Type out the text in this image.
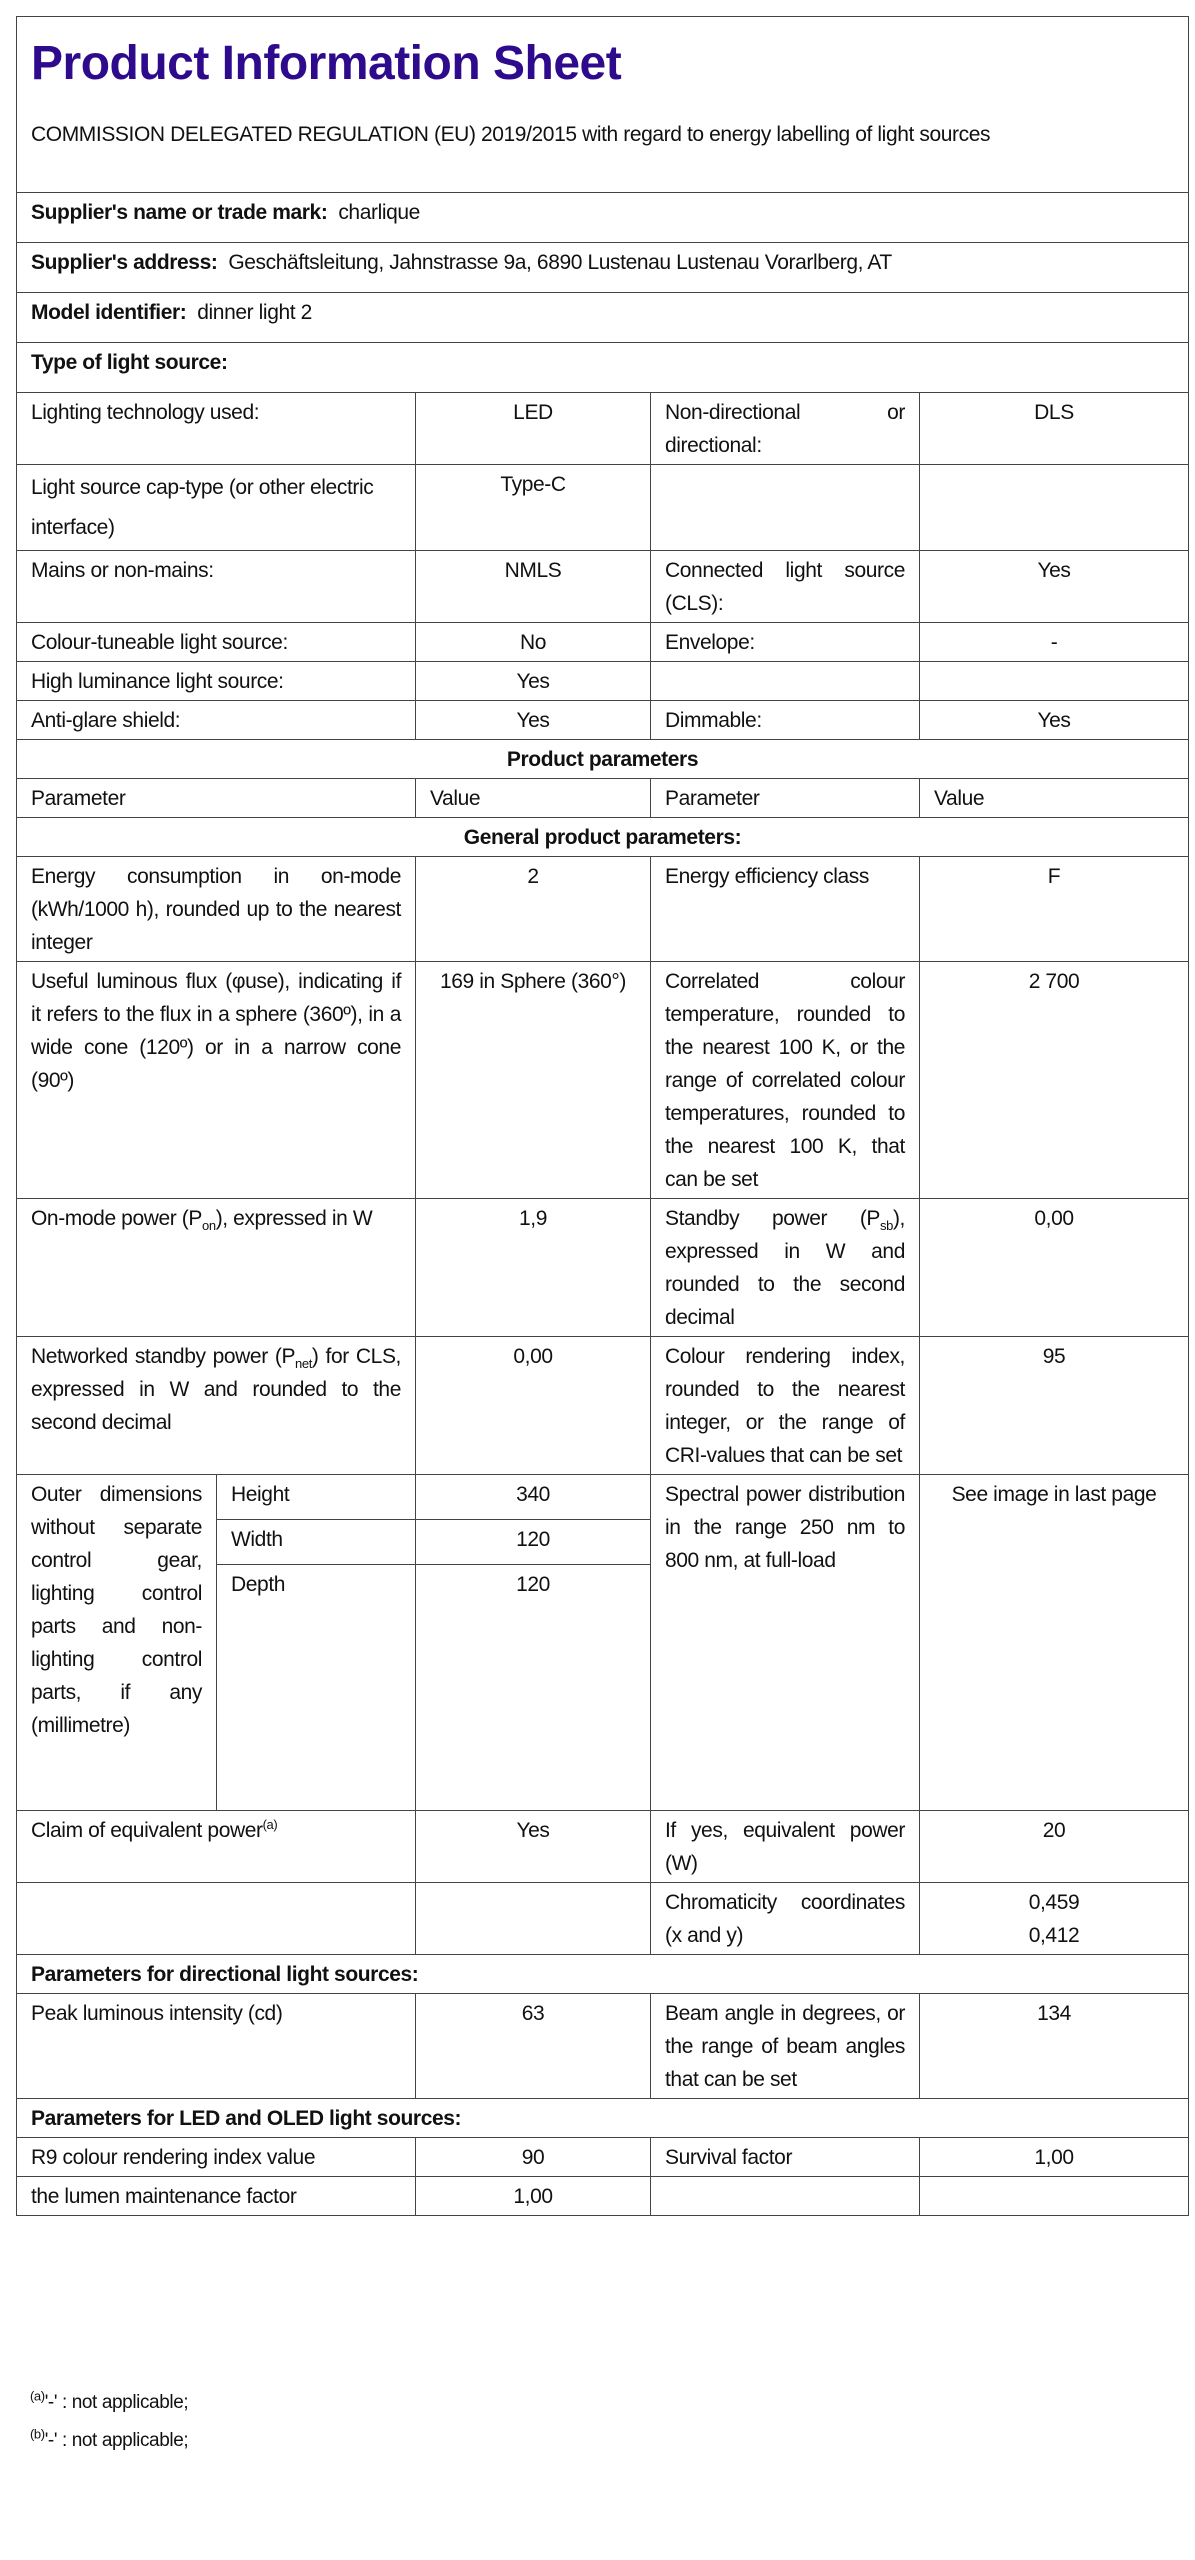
Product Information Sheet
COMMISSION DELEGATED REGULATION (EU) 2019/2015 with regard to energy labelling of light sources				

Supplier's name or trade mark: charlique				
Supplier's address: Geschäftsleitung, Jahnstrasse 9a, 6890 Lustenau Lustenau Vorarlberg, AT				
Model identifier: dinner light 2				
Type of light source:				
Lighting technology used:		LED	Non-directional or directional:	DLS
Light source cap-type (or other electric interface)		Type-C		
Mains or non-mains:		NMLS	Connected light source (CLS):	Yes
Colour-tuneable light source:		No	Envelope:	-
High luminance light source:		Yes		
Anti-glare shield:		Yes	Dimmable:	Yes
Product parameters				
Parameter		Value	Parameter	Value
General product parameters:				
Energy consumption in on-mode (kWh/1000 h), rounded up to the nearest integer		2	Energy efficiency class	F
Useful luminous flux (φuse), indicating if it refers to the flux in a sphere (360º), in a wide cone (120º) or in a narrow cone (90º)		169 in Sphere (360°)	Correlated colour temperature, rounded to the nearest 100 K, or the range of correlated colour temperatures, rounded to the nearest 100 K, that can be set	2 700
On-mode power $(P_{on})$, expressed in W		1,9	Standby power $(P_{sb})$, expressed in W and rounded to the second decimal	0,00
Networked standby power $(P_{net})$ for CLS, expressed in W and rounded to the second decimal		0,00	Colour rendering index, rounded to the nearest integer, or the range of CRI-values that can be set	95
Outer dimensions without separate control gear, lighting control parts and non-lighting control parts, if any (millimetre)	Height	340	Spectral power distribution in the range 250 nm to 800 nm, at full-load	See image in last page
	Width	120		
	Depth	120		
Claim of equivalent power$^{(a)}$		Yes	If yes, equivalent power (W)	20
			Chromaticity coordinates (x and y)	0,459
0,412

Parameters for directional light sources:				
Peak luminous intensity (cd)		63	Beam angle in degrees, or the range of beam angles that can be set	134
Parameters for LED and OLED light sources:				
R9 colour rendering index value		90	Survival factor	1,00
the lumen maintenance factor		1,00		
$^{(a)}$'-' : not applicable;
$^{(b)}$'-' : not applicable;
